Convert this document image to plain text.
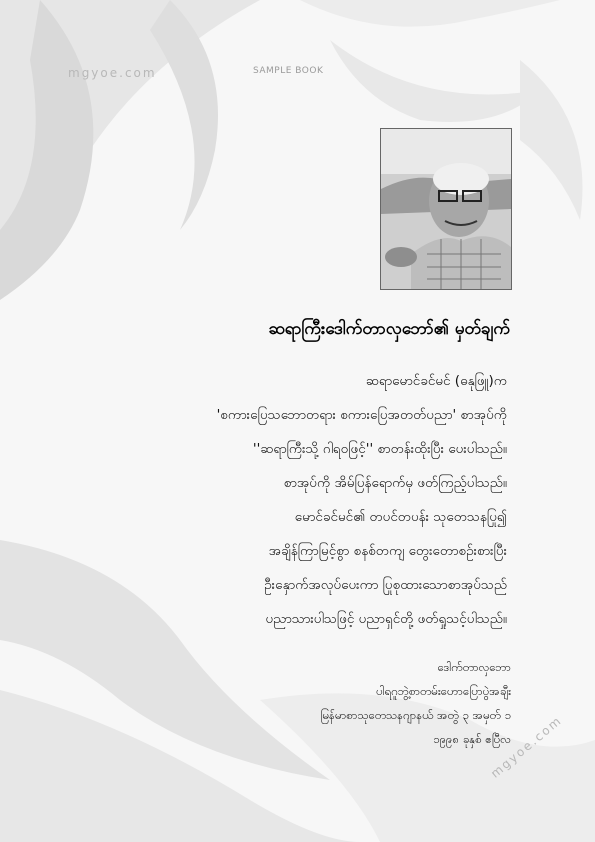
mgyoe.com	SAMPLE BOOK
ဆရာကြီးဒေါက်တာလှဘော်၏ မှတ်ချက်
ဆရာမောင်ခင်မင် (ဓနုဖြူ)က
'စကားပြေသဘောတရား စကားပြေအတတ်ပညာ' စာအုပ်ကို
''ဆရာကြီးသို့ ဂါရဝဖြင့်'' စာတန်းထိုးပြီး ပေးပါသည်။
စာအုပ်ကို အိမ်ပြန်ရောက်မှ ဖတ်ကြည့်ပါသည်။
မောင်ခင်မင်၏ တပင်တပန်း သုတေသနပြု၍
အချိန်ကြာမြင့်စွာ စနစ်တကျ တွေးတောစဉ်းစားပြီး
ဦးနှောက်အလုပ်ပေးကာ ပြုစုထားသောစာအုပ်သည်
ပညာသားပါသဖြင့် ပညာရှင်တို့ ဖတ်ရှုသင့်ပါသည်။
ဒေါက်တာလှဘော
ပါရဂူဘွဲ့စာတမ်းဟောပြောပွဲအချီး
မြန်မာစာသုတေသနဂျာနယ် အတွဲ ၃ အမှတ် ၁
၁၉၉၈ ခုနှစ် ဧပြီလ
mgyoe.com
